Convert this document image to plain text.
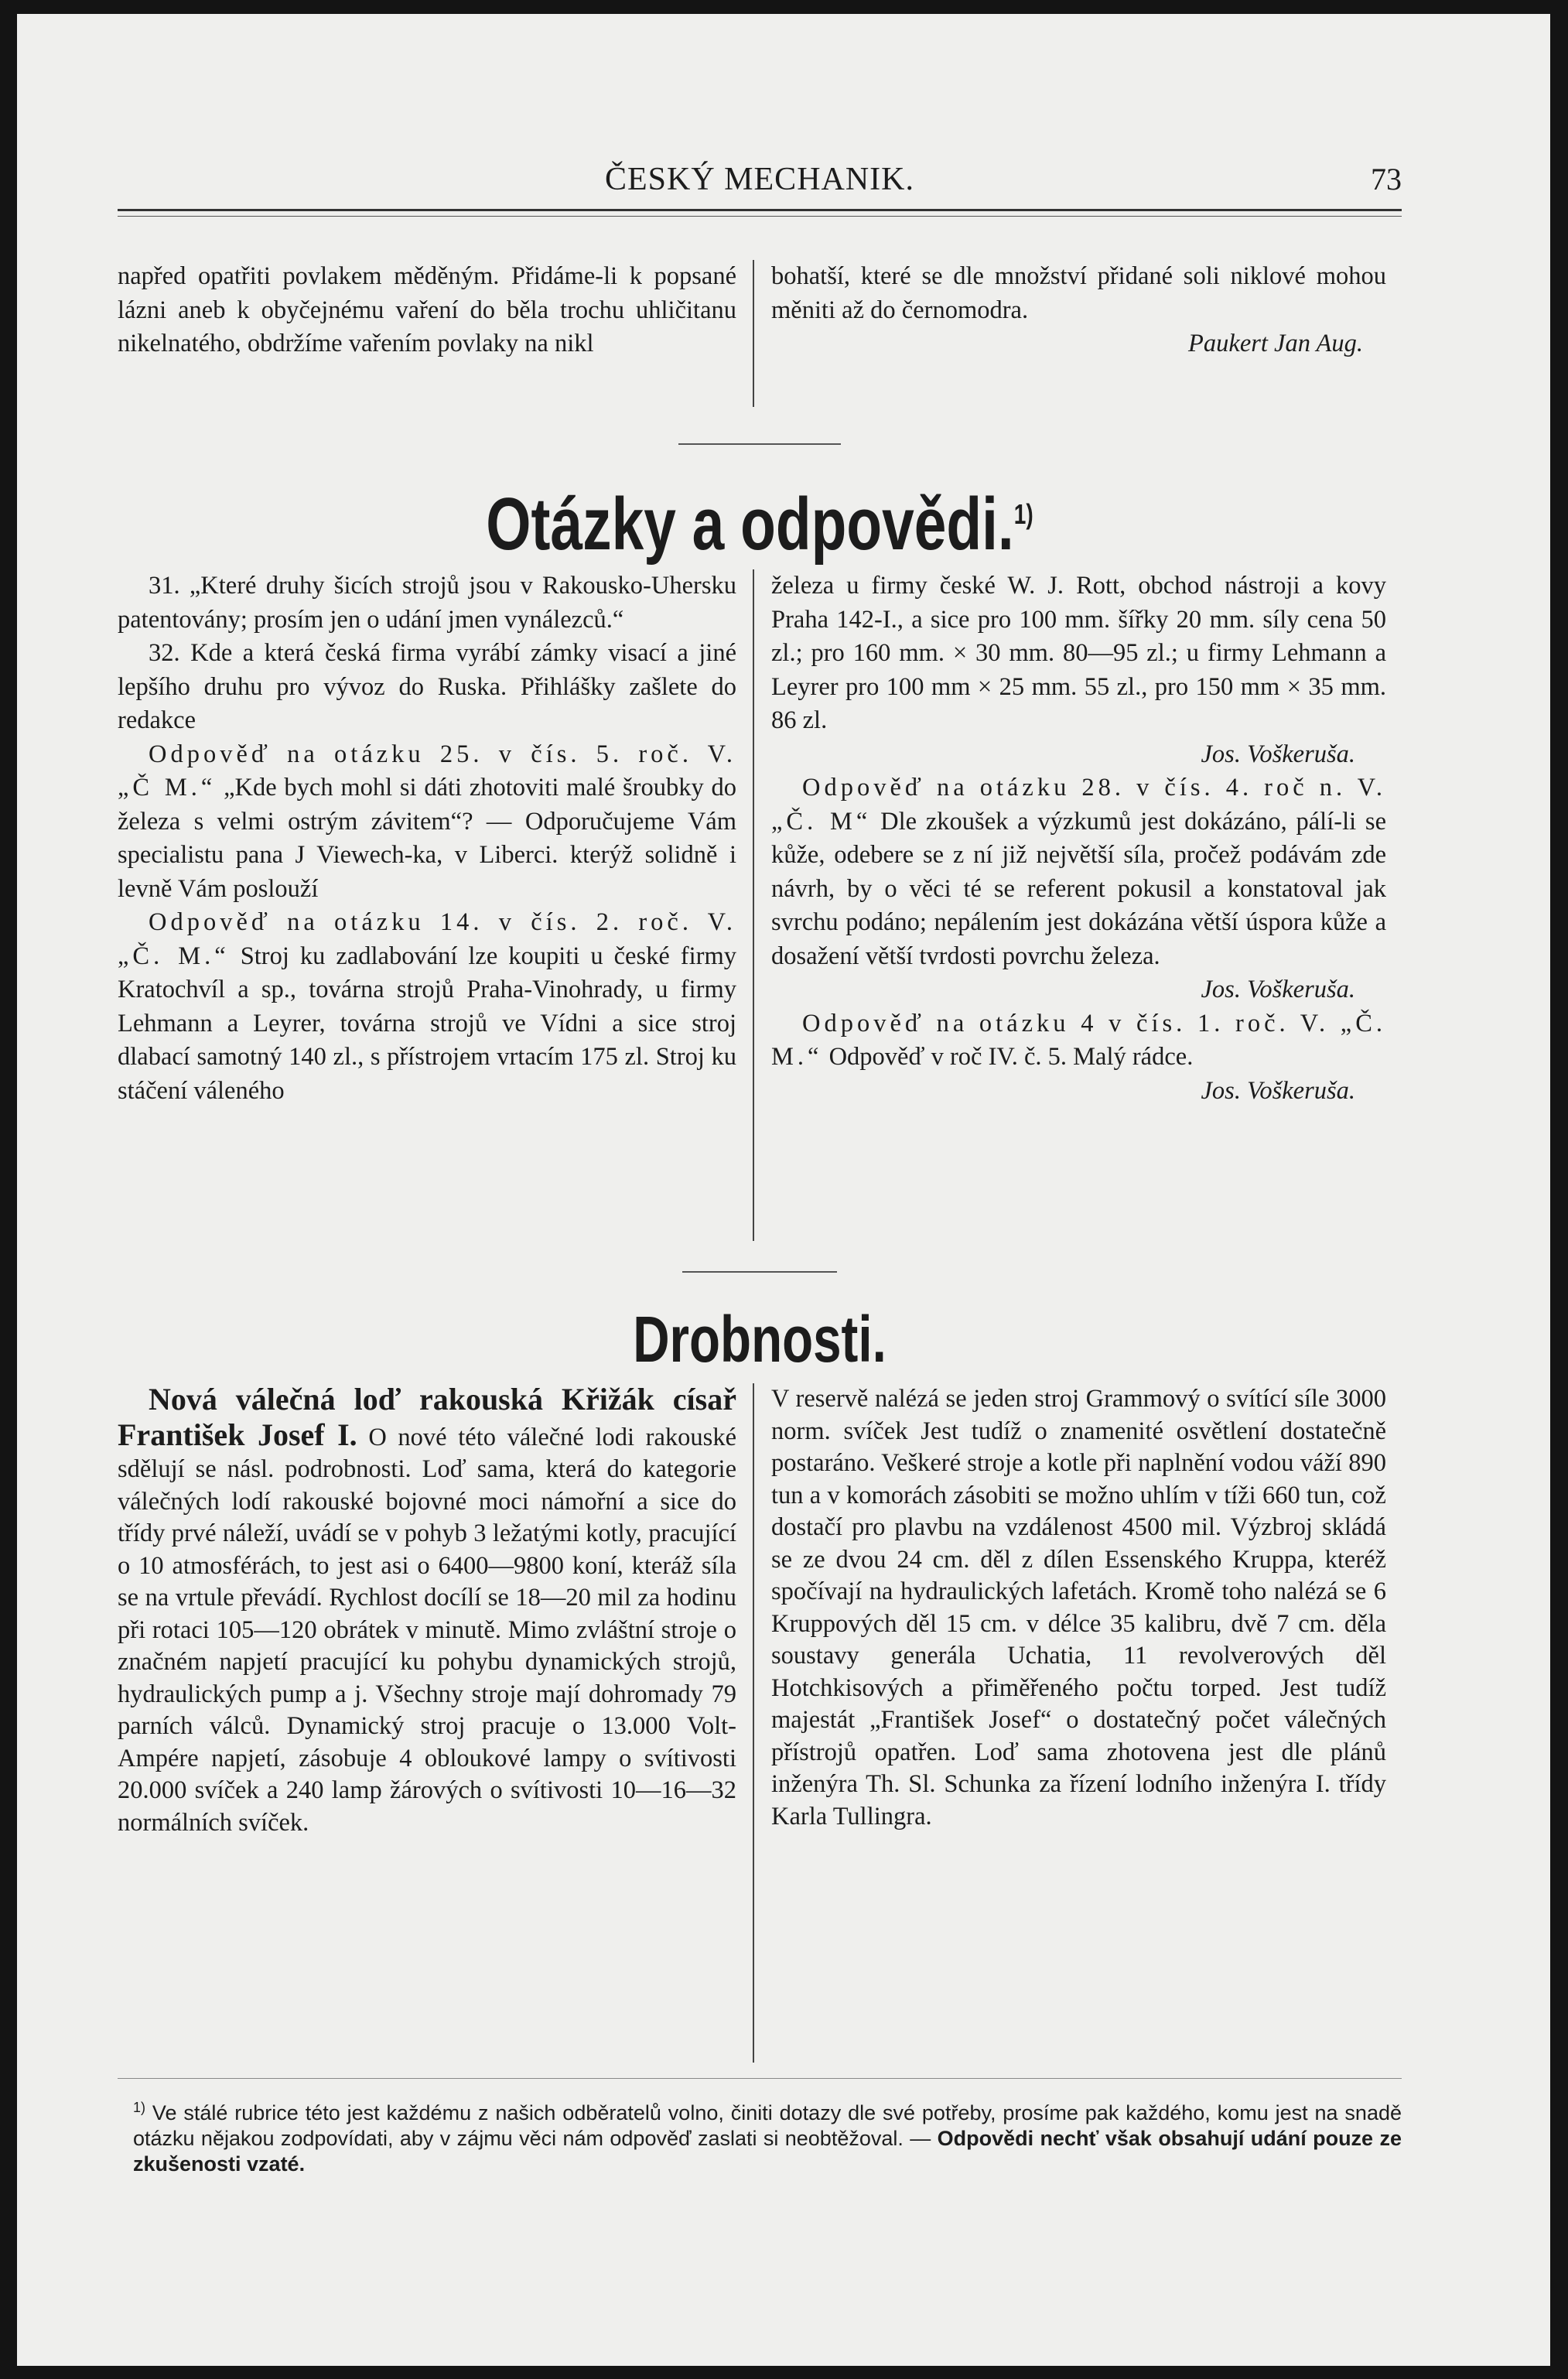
ČESKÝ MECHANIK.	73

napřed opatřiti povlakem měděným. Přidáme-li k popsané lázni aneb k obyčejnému vaření do běla trochu uhličitanu nikelnatého, obdržíme vařením povlaky na nikl

bohatší, které se dle množství přidané soli niklové mohou měniti až do černomodra.

Paukert Jan Aug.

Otázky a odpovědi.$^{1)}$

31. „Které druhy šicích strojů jsou v Rakousko-Uhersku patentovány; prosím jen o udání jmen vynálezců.“

32. Kde a která česká firma vyrábí zámky visací a jiné lepšího druhu pro vývoz do Ruska. Přihlášky zašlete do redakce

Odpověď na otázku 25. v čís. 5. roč. V. „Č M.“ „Kde bych mohl si dáti zhotoviti malé šroubky do železa s velmi ostrým závitem“? — Odporučujeme Vám specialistu pana J Viewech-ka, v Liberci. kterýž solidně i levně Vám poslouží

Odpověď na otázku 14. v čís. 2. roč. V. „Č. M.“ Stroj ku zadlabování lze koupiti u české firmy Kratochvíl a sp., továrna strojů Praha-Vinohrady, u firmy Lehmann a Leyrer, továrna strojů ve Vídni a sice stroj dlabací samotný 140 zl., s přístrojem vrtacím 175 zl. Stroj ku stáčení váleného

železa u firmy české W. J. Rott, obchod nástroji a kovy Praha 142-I., a sice pro 100 mm. šířky 20 mm. síly cena 50 zl.; pro 160 mm. × 30 mm. 80—95 zl.; u firmy Lehmann a Leyrer pro 100 mm × 25 mm. 55 zl., pro 150 mm × 35 mm. 86 zl.

Jos. Voškeruša.

Odpověď na otázku 28. v čís. 4. roč n. V. „Č. M“ Dle zkoušek a výzkumů jest dokázáno, pálí-li se kůže, odebere se z ní již největší síla, pročež podávám zde návrh, by o věci té se referent pokusil a konstatoval jak svrchu podáno; nepálením jest dokázána větší úspora kůže a dosažení větší tvrdosti povrchu železa.

Jos. Voškeruša.

Odpověď na otázku 4 v čís. 1. roč. V. „Č. M.“ Odpověď v roč IV. č. 5. Malý rádce.

Jos. Voškeruša.

Drobnosti.

Nová válečná loď rakouská Křižák císař František Josef I. O nové této válečné lodi rakouské sdělují se násl. podrobnosti. Loď sama, která do kategorie válečných lodí rakouské bojovné moci námořní a sice do třídy prvé náleží, uvádí se v pohyb 3 ležatými kotly, pracující o 10 atmosférách, to jest asi o 6400—9800 koní, kteráž síla se na vrtule převádí. Rychlost docílí se 18—20 mil za hodinu při rotaci 105—120 obrátek v minutě. Mimo zvláštní stroje o značném napjetí pracující ku pohybu dynamických strojů, hydraulických pump a j. Všechny stroje mají dohromady 79 parních válců. Dynamický stroj pracuje o 13.000 Volt-Ampére napjetí, zásobuje 4 obloukové lampy o svítivosti 20.000 svíček a 240 lamp žárových o svítivosti 10—16—32 normálních svíček.

V reservě nalézá se jeden stroj Grammový o svítící síle 3000 norm. svíček Jest tudíž o znamenité osvětlení dostatečně postaráno. Veškeré stroje a kotle při naplnění vodou váží 890 tun a v komorách zásobiti se možno uhlím v tíži 660 tun, což dostačí pro plavbu na vzdálenost 4500 mil. Výzbroj skládá se ze dvou 24 cm. děl z dílen Essenského Kruppa, kteréž spočívají na hydraulických lafetách. Kromě toho nalézá se 6 Kruppových děl 15 cm. v délce 35 kalibru, dvě 7 cm. děla soustavy generála Uchatia, 11 revolverových děl Hotchkisových a přiměřeného počtu torped. Jest tudíž majestát „František Josef“ o dostatečný počet válečných přístrojů opatřen. Loď sama zhotovena jest dle plánů inženýra Th. Sl. Schunka za řízení lodního inženýra I. třídy Karla Tullingra.

$^{1)}$ Ve stálé rubrice této jest každému z našich odběratelů volno, činiti dotazy dle své potřeby, prosíme pak každého, komu jest na snadě otázku nějakou zodpovídati, aby v zájmu věci nám odpověď zaslati si neobtěžoval. — Odpovědi nechť však obsahují udání pouze ze zkušenosti vzaté.
